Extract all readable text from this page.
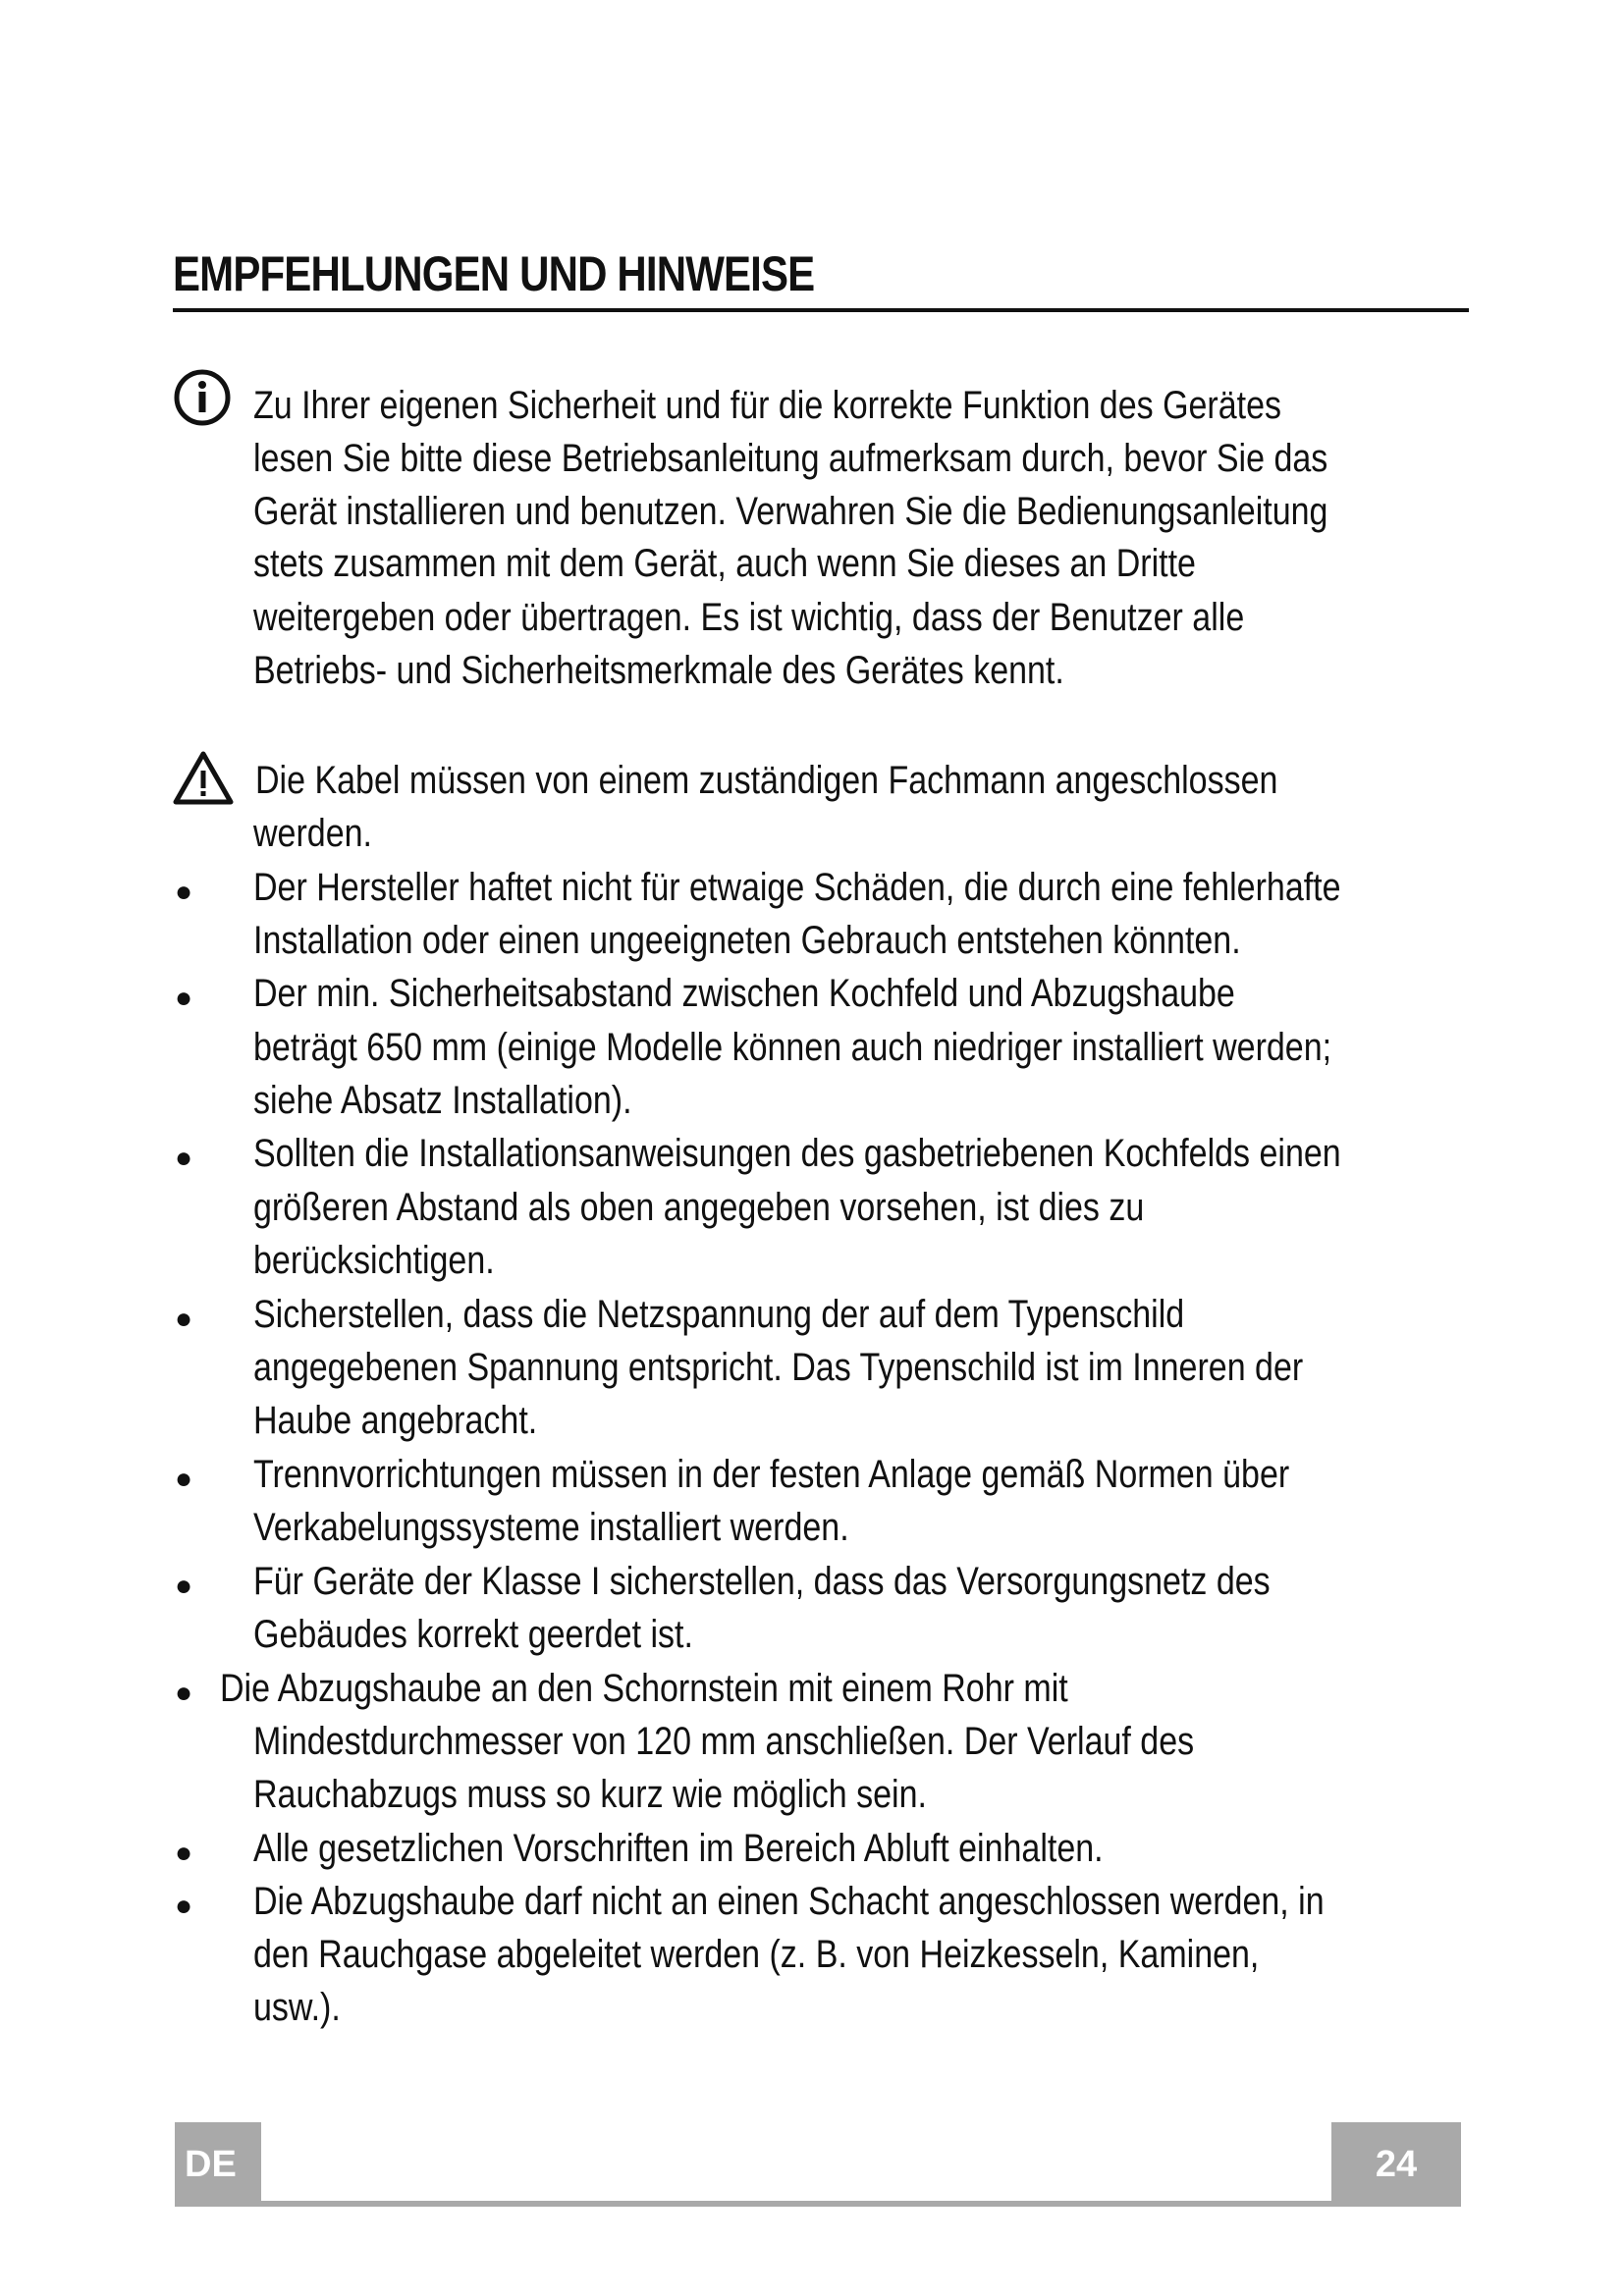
EMPFEHLUNGEN UND HINWEISE
Zu Ihrer eigenen Sicherheit und für die korrekte Funktion des Gerätes
lesen Sie bitte diese Betriebsanleitung aufmerksam durch, bevor Sie das
Gerät installieren und benutzen. Verwahren Sie die Bedienungsanleitung
stets zusammen mit dem Gerät, auch wenn Sie dieses an Dritte
weitergeben oder übertragen. Es ist wichtig, dass der Benutzer alle
Betriebs- und Sicherheitsmerkmale des Gerätes kennt.
Die Kabel müssen von einem zuständigen Fachmann angeschlossen
werden.
● Der Hersteller haftet nicht für etwaige Schäden, die durch eine fehlerhafte
Installation oder einen ungeeigneten Gebrauch entstehen könnten.
● Der min. Sicherheitsabstand zwischen Kochfeld und Abzugshaube
beträgt 650 mm (einige Modelle können auch niedriger installiert werden;
siehe Absatz Installation).
● Sollten die Installationsanweisungen des gasbetriebenen Kochfelds einen
größeren Abstand als oben angegeben vorsehen, ist dies zu
berücksichtigen.
● Sicherstellen, dass die Netzspannung der auf dem Typenschild
angegebenen Spannung entspricht. Das Typenschild ist im Inneren der
Haube angebracht.
● Trennvorrichtungen müssen in der festen Anlage gemäß Normen über
Verkabelungssysteme installiert werden.
● Für Geräte der Klasse I sicherstellen, dass das Versorgungsnetz des
Gebäudes korrekt geerdet ist.
● Die Abzugshaube an den Schornstein mit einem Rohr mit
Mindestdurchmesser von 120 mm anschließen. Der Verlauf des
Rauchabzugs muss so kurz wie möglich sein.
● Alle gesetzlichen Vorschriften im Bereich Abluft einhalten.
● Die Abzugshaube darf nicht an einen Schacht angeschlossen werden, in
den Rauchgase abgeleitet werden (z. B. von Heizkesseln, Kaminen,
usw.).
DE	24
